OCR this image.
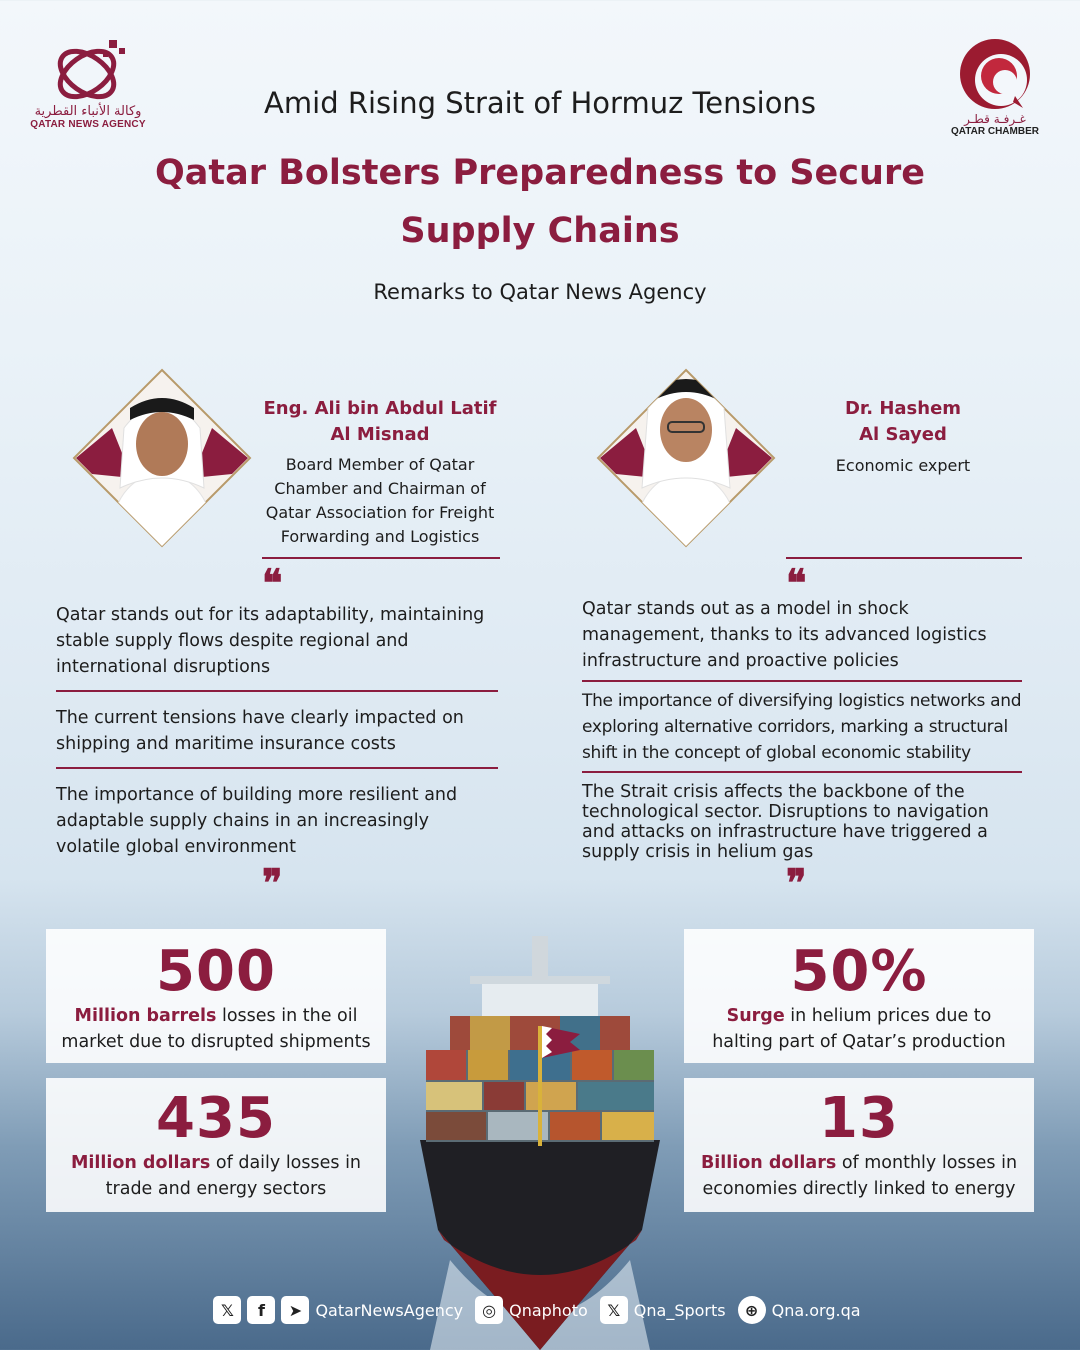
وكالة الأنباء القطرية
QATAR NEWS AGENCY	غـرفـة قطـر
QATAR CHAMBER
Amid Rising Strait of Hormuz Tensions
Qatar Bolsters Preparedness to Secure
Supply Chains
Remarks to Qatar News Agency
Eng. Ali bin Abdul Latif
Al Misnad
Board Member of Qatar
Chamber and Chairman of
Qatar Association for Freight
Forwarding and Logistics
Dr. Hashem
Al Sayed
Economic expert
❝	❝
Qatar stands out for its adaptability, maintaining
stable supply flows despite regional and
international disruptions
The current tensions have clearly impacted on
shipping and maritime insurance costs
The importance of building more resilient and
adaptable supply chains in an increasingly
volatile global environment
Qatar stands out as a model in shock
management, thanks to its advanced logistics
infrastructure and proactive policies
The importance of diversifying logistics networks and
exploring alternative corridors, marking a structural
shift in the concept of global economic stability
The Strait crisis affects the backbone of the
technological sector. Disruptions to navigation
and attacks on infrastructure have triggered a
supply crisis in helium gas
❞	❞
500
Million barrels losses in the oil
market due to disrupted shipments
50%
Surge in helium prices due to
halting part of Qatar’s production
435
Million dollars of daily losses in
trade and energy sectors
13
Billion dollars of monthly losses in
economies directly linked to energy
𝕏	f	➤ QatarNewsAgency	◎ Qnaphoto	𝕏 Qna_Sports	⊕ Qna.org.qa
